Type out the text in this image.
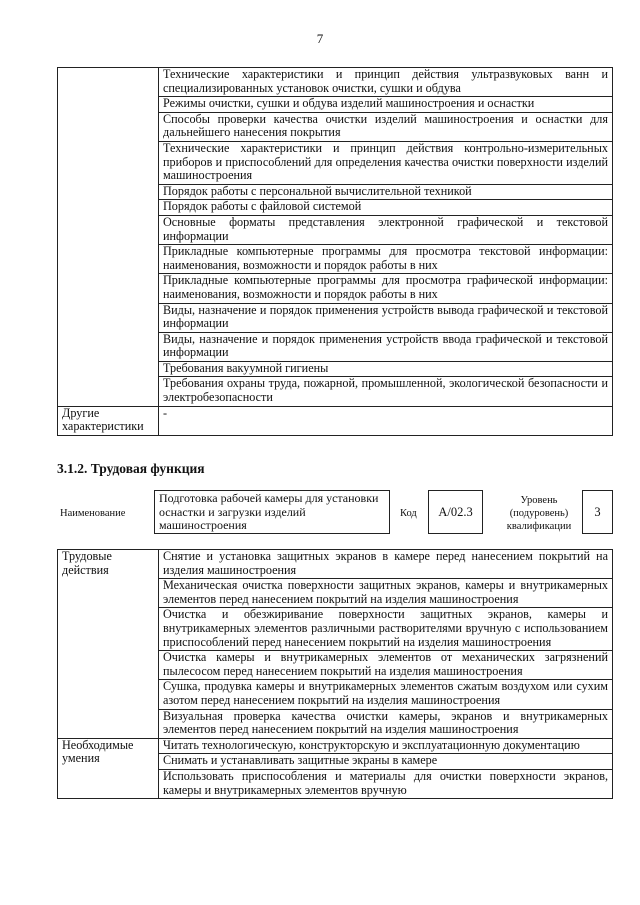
7
	Технические характеристики и принцип действия ультразвуковых ванн и специализированных установок очистки, сушки и обдува
	Режимы очистки, сушки и обдува изделий машиностроения и оснастки
	Способы проверки качества очистки изделий машиностроения и оснастки для дальнейшего нанесения покрытия
	Технические характеристики и принцип действия контрольно-измерительных приборов и приспособлений для определения качества очистки поверхности изделий машиностроения
	Порядок работы с персональной вычислительной техникой
	Порядок работы с файловой системой
	Основные форматы представления электронной графической и текстовой информации
	Прикладные компьютерные программы для просмотра текстовой информации: наименования, возможности и порядок работы в них
	Прикладные компьютерные программы для просмотра графической информации: наименования, возможности и порядок работы в них
	Виды, назначение и порядок применения устройств вывода графической и текстовой информации
	Виды, назначение и порядок применения устройств ввода графической и текстовой информации
	Требования вакуумной гигиены
	Требования охраны труда, пожарной, промышленной, экологической безопасности и электробезопасности
Другие характеристики	-
3.1.2. Трудовая функция
Наименование
Подготовка рабочей камеры для установки оснастки и загрузки изделий машиностроения
Код	А/02.3
Уровень (подуровень) квалификации
3
Трудовые действия	Снятие и установка защитных экранов в камере перед нанесением покрытий на изделия машиностроения
	Механическая очистка поверхности защитных экранов, камеры и внутрикамерных элементов перед нанесением покрытий на изделия машиностроения
	Очистка и обезжиривание поверхности защитных экранов, камеры и внутрикамерных элементов различными растворителями вручную с использованием приспособлений перед нанесением покрытий на изделия машиностроения
	Очистка камеры и внутрикамерных элементов от механических загрязнений пылесосом перед нанесением покрытий на изделия машиностроения
	Сушка, продувка камеры и внутрикамерных элементов сжатым воздухом или сухим азотом перед нанесением покрытий на изделия машиностроения
	Визуальная проверка качества очистки камеры, экранов и внутрикамерных элементов перед нанесением покрытий на изделия машиностроения
Необходимые умения	Читать технологическую, конструкторскую и эксплуатационную документацию
	Снимать и устанавливать защитные экраны в камере
	Использовать приспособления и материалы для очистки поверхности экранов, камеры и внутрикамерных элементов вручную
